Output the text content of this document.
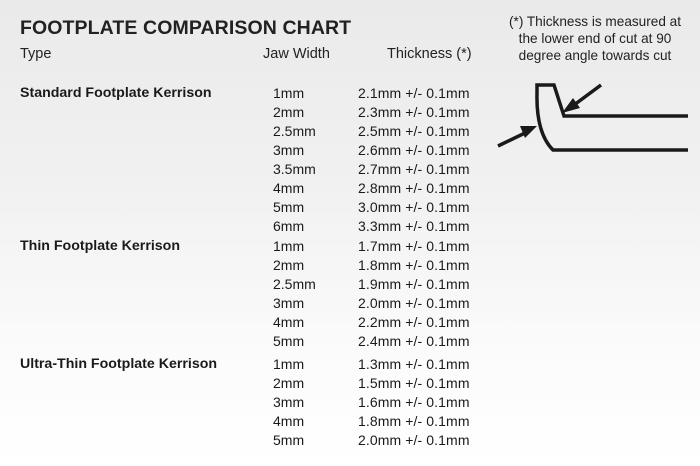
FOOTPLATE COMPARISON CHART
Type	Jaw Width	Thickness (*)
(*) Thickness is measured at
the lower end of cut at 90
degree angle towards cut
Standard Footplate Kerrison	1mm	2.1mm +/- 0.1mm
2mm	2.3mm +/- 0.1mm
2.5mm	2.5mm +/- 0.1mm
3mm	2.6mm +/- 0.1mm
3.5mm	2.7mm +/- 0.1mm
4mm	2.8mm +/- 0.1mm
5mm	3.0mm +/- 0.1mm
6mm	3.3mm +/- 0.1mm
Thin Footplate Kerrison	1mm	1.7mm +/- 0.1mm
2mm	1.8mm +/- 0.1mm
2.5mm	1.9mm +/- 0.1mm
3mm	2.0mm +/- 0.1mm
4mm	2.2mm +/- 0.1mm
5mm	2.4mm +/- 0.1mm
Ultra-Thin Footplate Kerrison	1mm	1.3mm +/- 0.1mm
2mm	1.5mm +/- 0.1mm
3mm	1.6mm +/- 0.1mm
4mm	1.8mm +/- 0.1mm
5mm	2.0mm +/- 0.1mm
